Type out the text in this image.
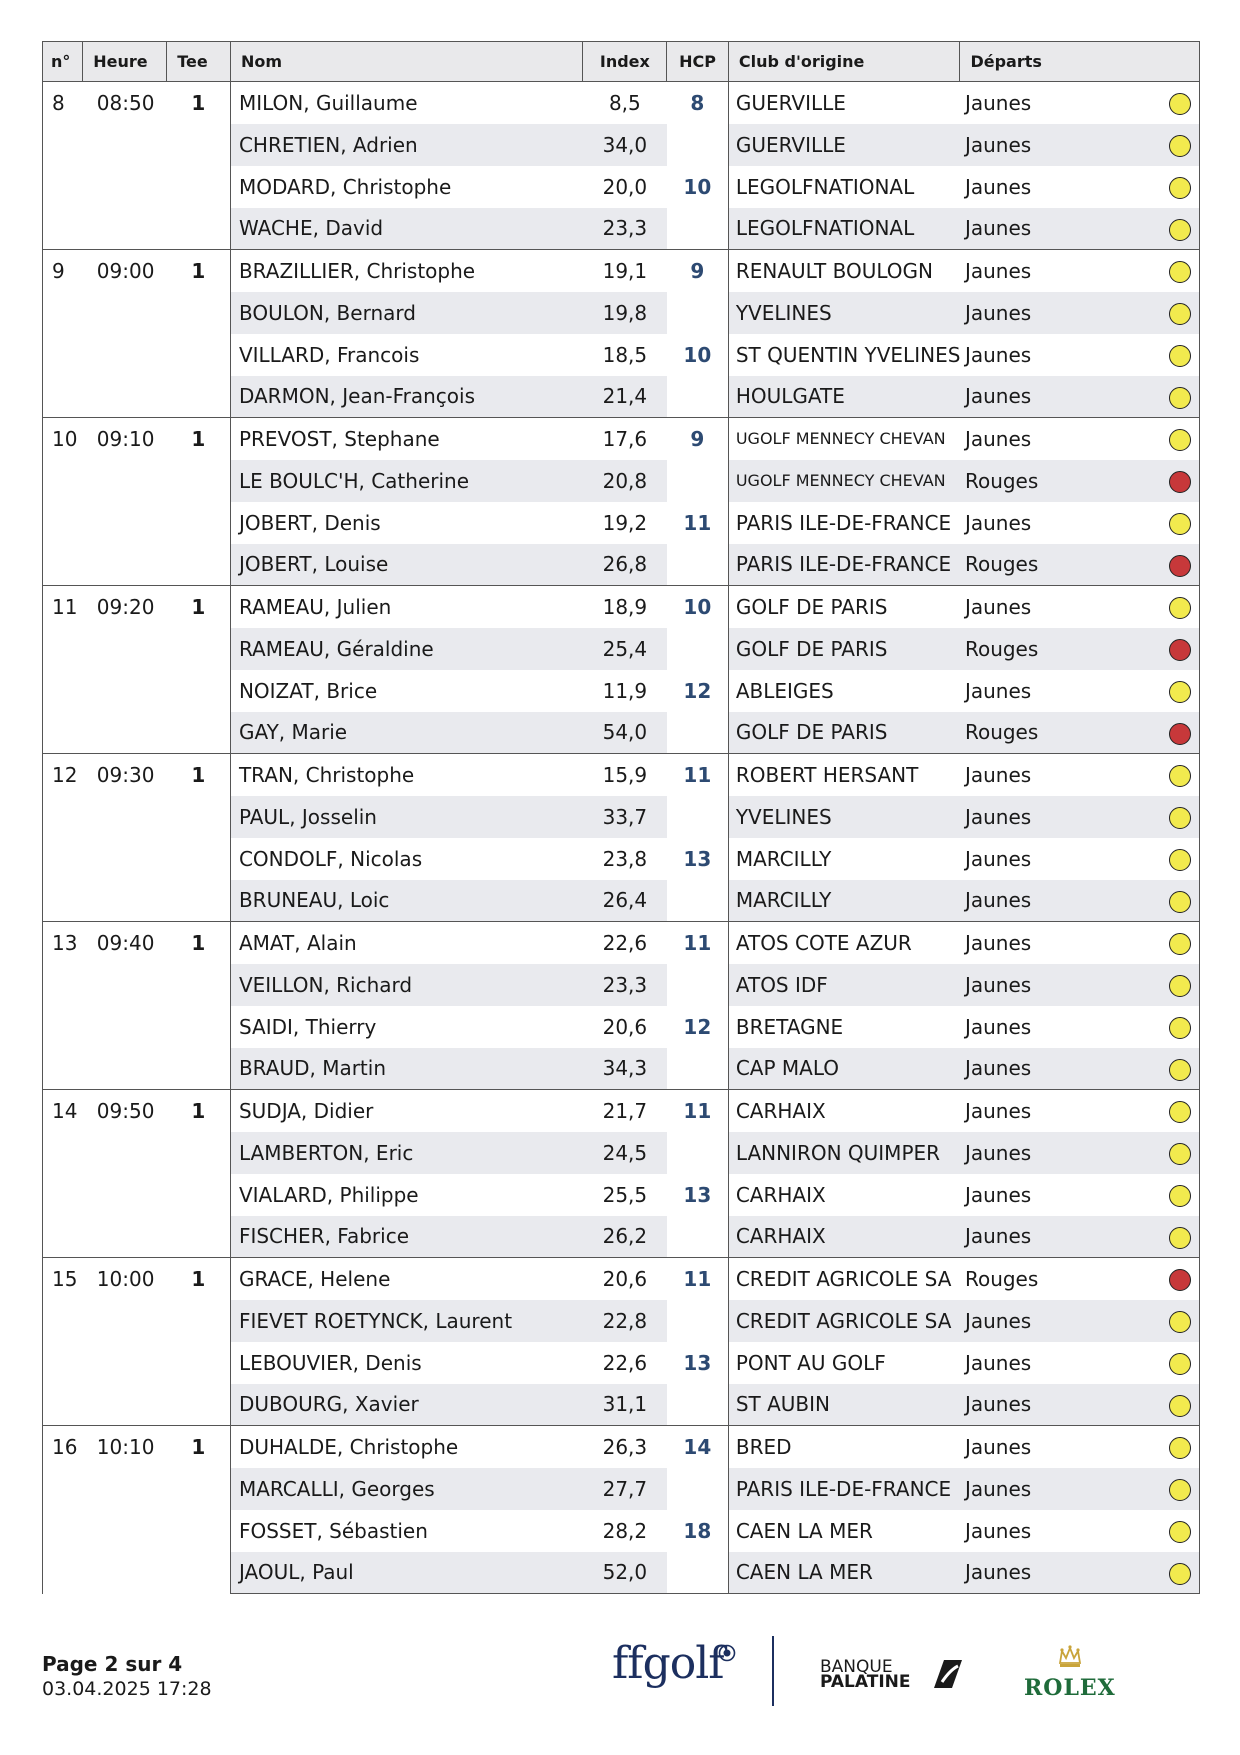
n°	Heure	Tee	Nom	Index	HCP	Club d'origine	Départs	
8	08:50	1	MILON, Guillaume	8,5	8	GUERVILLE	Jaunes	
			CHRETIEN, Adrien	34,0		GUERVILLE	Jaunes	
			MODARD, Christophe	20,0	10	LEGOLFNATIONAL	Jaunes	
			WACHE, David	23,3		LEGOLFNATIONAL	Jaunes	
9	09:00	1	BRAZILLIER, Christophe	19,1	9	RENAULT BOULOGN	Jaunes	
			BOULON, Bernard	19,8		YVELINES	Jaunes	
			VILLARD, Francois	18,5	10	ST QUENTIN YVELINES	Jaunes	
			DARMON, Jean-François	21,4		HOULGATE	Jaunes	
10	09:10	1	PREVOST, Stephane	17,6	9	UGOLF MENNECY CHEVAN	Jaunes	
			LE BOULC'H, Catherine	20,8		UGOLF MENNECY CHEVAN	Rouges	
			JOBERT, Denis	19,2	11	PARIS ILE-DE-FRANCE	Jaunes	
			JOBERT, Louise	26,8		PARIS ILE-DE-FRANCE	Rouges	
11	09:20	1	RAMEAU, Julien	18,9	10	GOLF DE PARIS	Jaunes	
			RAMEAU, Géraldine	25,4		GOLF DE PARIS	Rouges	
			NOIZAT, Brice	11,9	12	ABLEIGES	Jaunes	
			GAY, Marie	54,0		GOLF DE PARIS	Rouges	
12	09:30	1	TRAN, Christophe	15,9	11	ROBERT HERSANT	Jaunes	
			PAUL, Josselin	33,7		YVELINES	Jaunes	
			CONDOLF, Nicolas	23,8	13	MARCILLY	Jaunes	
			BRUNEAU, Loic	26,4		MARCILLY	Jaunes	
13	09:40	1	AMAT, Alain	22,6	11	ATOS COTE AZUR	Jaunes	
			VEILLON, Richard	23,3		ATOS IDF	Jaunes	
			SAIDI, Thierry	20,6	12	BRETAGNE	Jaunes	
			BRAUD, Martin	34,3		CAP MALO	Jaunes	
14	09:50	1	SUDJA, Didier	21,7	11	CARHAIX	Jaunes	
			LAMBERTON, Eric	24,5		LANNIRON QUIMPER	Jaunes	
			VIALARD, Philippe	25,5	13	CARHAIX	Jaunes	
			FISCHER, Fabrice	26,2		CARHAIX	Jaunes	
15	10:00	1	GRACE, Helene	20,6	11	CREDIT AGRICOLE SA	Rouges	
			FIEVET ROETYNCK, Laurent	22,8		CREDIT AGRICOLE SA	Jaunes	
			LEBOUVIER, Denis	22,6	13	PONT AU GOLF	Jaunes	
			DUBOURG, Xavier	31,1		ST AUBIN	Jaunes	
16	10:10	1	DUHALDE, Christophe	26,3	14	BRED	Jaunes	
			MARCALLI, Georges	27,7		PARIS ILE-DE-FRANCE	Jaunes	
			FOSSET, Sébastien	28,2	18	CAEN LA MER	Jaunes	
			JAOUL, Paul	52,0		CAEN LA MER	Jaunes	
Page 2 sur 4
03.04.2025 17:28	ffgolf	BANQUE
PALATINE	ROLEX
